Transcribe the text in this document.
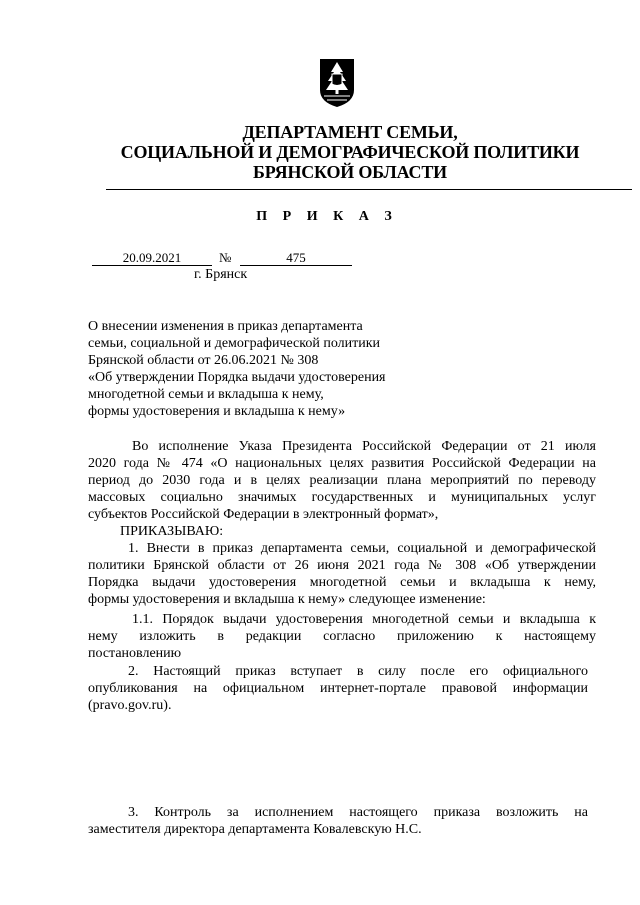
ДЕПАРТАМЕНТ СЕМЬИ,
СОЦИАЛЬНОЙ И ДЕМОГРАФИЧЕСКОЙ ПОЛИТИКИ
БРЯНСКОЙ ОБЛАСТИ
П Р И К А З
20.09.2021	№	475
г. Брянск
О внесении изменения в приказ департамента
семьи, социальной и демографической политики
Брянской области от 26.06.2021 № 308
«Об утверждении Порядка выдачи удостоверения
многодетной семьи и вкладыша к нему,
формы удостоверения и вкладыша к нему»
Во исполнение Указа Президента Российской Федерации от 21 июля
2020 года № 474 «О национальных целях развития Российской Федерации на
период до 2030 года и в целях реализации плана мероприятий по переводу
массовых социально значимых государственных и муниципальных услуг
субъектов Российской Федерации в электронный формат»,
ПРИКАЗЫВАЮ:
1. Внести в приказ департамента семьи, социальной и демографической
политики Брянской области от 26 июня 2021 года № 308 «Об утверждении
Порядка выдачи удостоверения многодетной семьи и вкладыша к нему,
формы удостоверения и вкладыша к нему» следующее изменение:
1.1. Порядок выдачи удостоверения многодетной семьи и вкладыша к
нему изложить в редакции согласно приложению к настоящему
постановлению
2. Настоящий приказ вступает в силу после его официального
опубликования на официальном интернет-портале правовой информации
(pravo.gov.ru).
3. Контроль за исполнением настоящего приказа возложить на
заместителя директора департамента Ковалевскую Н.С.
